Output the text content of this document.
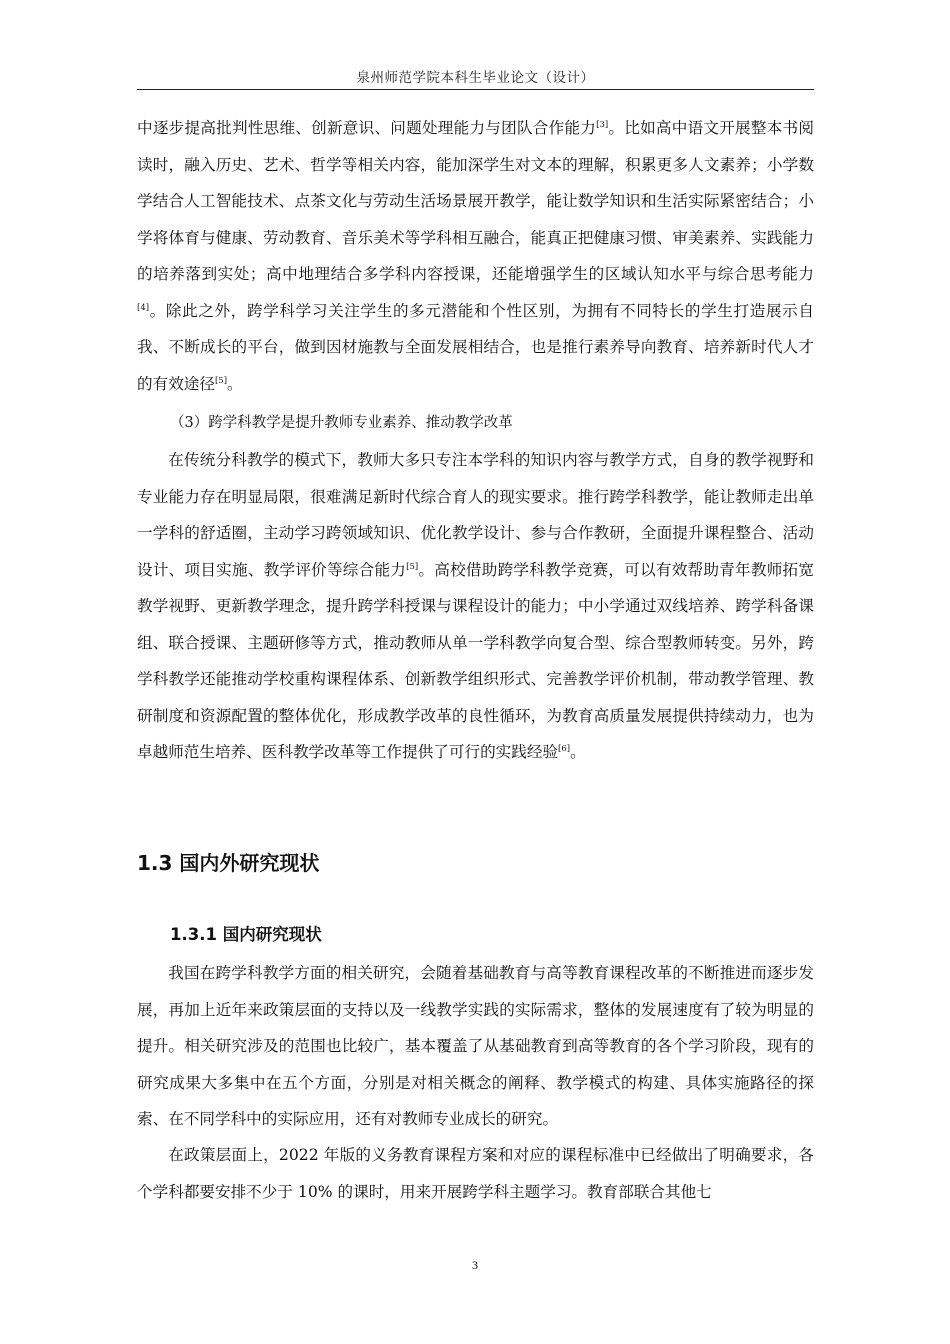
泉州师范学院本科生毕业论文（设计）

中逐步提高批判性思维、创新意识、问题处理能力与团队合作能力[3]。比如高中语文开展整本书阅读时，融入历史、艺术、哲学等相关内容，能加深学生对文本的理解，积累更多人文素养；小学数学结合人工智能技术、点茶文化与劳动生活场景展开教学，能让数学知识和生活实际紧密结合；小学将体育与健康、劳动教育、音乐美术等学科相互融合，能真正把健康习惯、审美素养、实践能力的培养落到实处；高中地理结合多学科内容授课，还能增强学生的区域认知水平与综合思考能力[4]。除此之外，跨学科学习关注学生的多元潜能和个性区别，为拥有不同特长的学生打造展示自我、不断成长的平台，做到因材施教与全面发展相结合，也是推行素养导向教育、培养新时代人才的有效途径[5]。

（3）跨学科教学是提升教师专业素养、推动教学改革

在传统分科教学的模式下，教师大多只专注本学科的知识内容与教学方式，自身的教学视野和专业能力存在明显局限，很难满足新时代综合育人的现实要求。推行跨学科教学，能让教师走出单一学科的舒适圈，主动学习跨领域知识、优化教学设计、参与合作教研，全面提升课程整合、活动设计、项目实施、教学评价等综合能力[5]。高校借助跨学科教学竞赛，可以有效帮助青年教师拓宽教学视野、更新教学理念，提升跨学科授课与课程设计的能力；中小学通过双线培养、跨学科备课组、联合授课、主题研修等方式，推动教师从单一学科教学向复合型、综合型教师转变。另外，跨学科教学还能推动学校重构课程体系、创新教学组织形式、完善教学评价机制，带动教学管理、教研制度和资源配置的整体优化，形成教学改革的良性循环，为教育高质量发展提供持续动力，也为卓越师范生培养、医科教学改革等工作提供了可行的实践经验[6]。

1.3 国内外研究现状
1.3.1 国内研究现状

我国在跨学科教学方面的相关研究，会随着基础教育与高等教育课程改革的不断推进而逐步发展，再加上近年来政策层面的支持以及一线教学实践的实际需求，整体的发展速度有了较为明显的提升。相关研究涉及的范围也比较广，基本覆盖了从基础教育到高等教育的各个学习阶段，现有的研究成果大多集中在五个方面，分别是对相关概念的阐释、教学模式的构建、具体实施路径的探索、在不同学科中的实际应用，还有对教师专业成长的研究。

在政策层面上，2022 年版的义务教育课程方案和对应的课程标准中已经做出了明确要求，各个学科都要安排不少于 10% 的课时，用来开展跨学科主题学习。教育部联合其他七

3
